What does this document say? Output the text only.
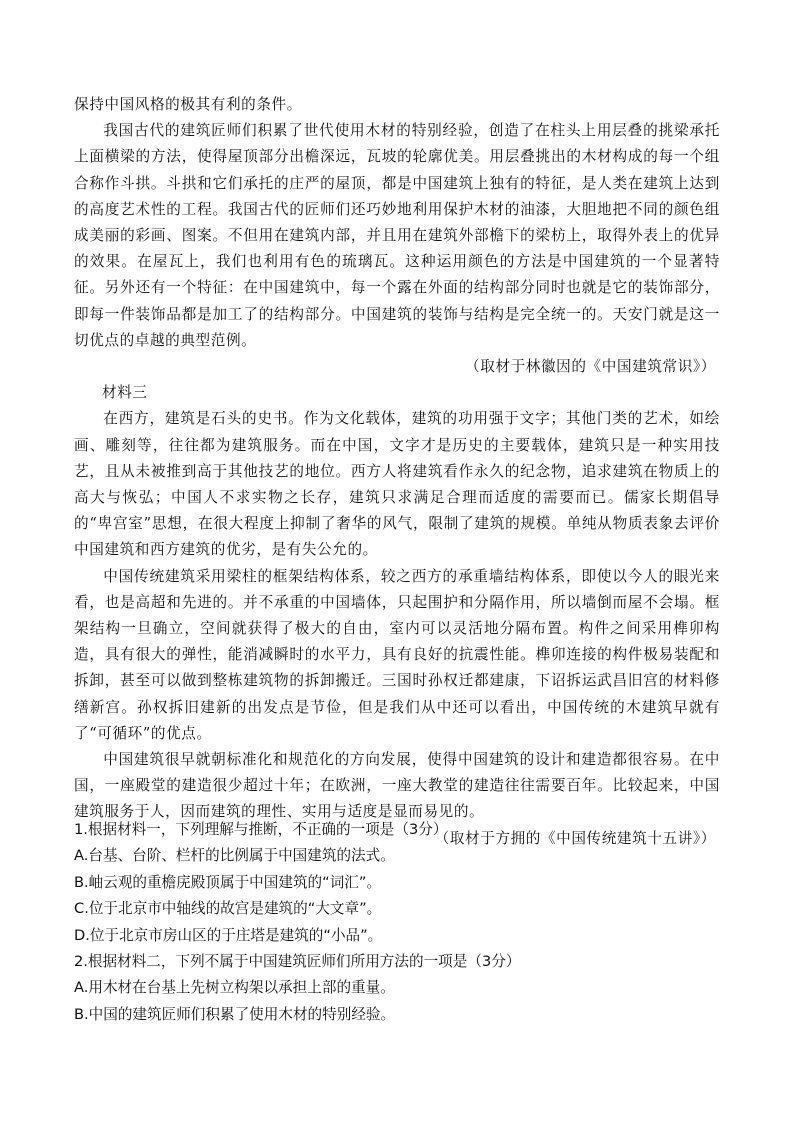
保持中国风格的极其有利的条件。

我国古代的建筑匠师们积累了世代使用木材的特别经验，创造了在柱头上用层叠的挑梁承托上面横梁的方法，使得屋顶部分出檐深远，瓦坡的轮廓优美。用层叠挑出的木材构成的每一个组合称作斗拱。斗拱和它们承托的庄严的屋顶，都是中国建筑上独有的特征，是人类在建筑上达到的高度艺术性的工程。我国古代的匠师们还巧妙地利用保护木材的油漆，大胆地把不同的颜色组成美丽的彩画、图案。不但用在建筑内部，并且用在建筑外部檐下的梁枋上，取得外表上的优异的效果。在屋瓦上，我们也利用有色的琉璃瓦。这种运用颜色的方法是中国建筑的一个显著特征。另外还有一个特征：在中国建筑中，每一个露在外面的结构部分同时也就是它的装饰部分，即每一件装饰品都是加工了的结构部分。中国建筑的装饰与结构是完全统一的。天安门就是这一切优点的卓越的典型范例。

（取材于林徽因的《中国建筑常识》）

材料三

在西方，建筑是石头的史书。作为文化载体，建筑的功用强于文字；其他门类的艺术，如绘画、雕刻等，往往都为建筑服务。而在中国，文字才是历史的主要载体，建筑只是一种实用技艺，且从未被推到高于其他技艺的地位。西方人将建筑看作永久的纪念物，追求建筑在物质上的高大与恢弘；中国人不求实物之长存，建筑只求满足合理而适度的需要而已。儒家长期倡导的“卑宫室”思想，在很大程度上抑制了奢华的风气，限制了建筑的规模。单纯从物质表象去评价中国建筑和西方建筑的优劣，是有失公允的。

中国传统建筑采用梁柱的框架结构体系，较之西方的承重墙结构体系，即使以今人的眼光来看，也是高超和先进的。并不承重的中国墙体，只起围护和分隔作用，所以墙倒而屋不会塌。框架结构一旦确立，空间就获得了极大的自由，室内可以灵活地分隔布置。构件之间采用榫卯构造，具有很大的弹性，能消减瞬时的水平力，具有良好的抗震性能。榫卯连接的构件极易装配和拆卸，甚至可以做到整栋建筑物的拆卸搬迁。三国时孙权迁都建康，下诏拆运武昌旧宫的材料修缮新宫。孙权拆旧建新的出发点是节俭，但是我们从中还可以看出，中国传统的木建筑早就有了“可循环”的优点。

中国建筑很早就朝标准化和规范化的方向发展，使得中国建筑的设计和建造都很容易。在中国，一座殿堂的建造很少超过十年；在欧洲，一座大教堂的建造往往需要百年。比较起来，中国建筑服务于人，因而建筑的理性、实用与适度是显而易见的。

（取材于方拥的《中国传统建筑十五讲》）

1.根据材料一，下列理解与推断，不正确的一项是（3分）

A.台基、台阶、栏杆的比例属于中国建筑的法式。

B.岫云观的重檐庑殿顶属于中国建筑的“词汇”。

C.位于北京市中轴线的故宫是建筑的“大文章”。

D.位于北京市房山区的于庄塔是建筑的“小品”。

2.根据材料二，下列不属于中国建筑匠师们所用方法的一项是（3分）

A.用木材在台基上先树立构架以承担上部的重量。

B.中国的建筑匠师们积累了使用木材的特别经验。
